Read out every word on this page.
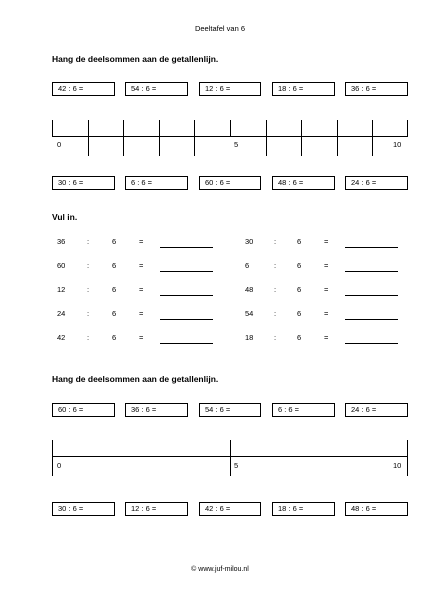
Deeltafel van 6
Hang de deelsommen aan de getallenlijn.
42 : 6 =	54 : 6 =	12 : 6 =	18 : 6 =	36 : 6 =
0	5	10
30 : 6 =	6 : 6 =	60 : 6 =	48 : 6 =	24 : 6 =
Vul in.
36	:	6	=
60	:	6	=
12	:	6	=
24	:	6	=
42	:	6	=
30	:	6	=
6	:	6	=
48	:	6	=
54	:	6	=
18	:	6	=
Hang de deelsommen aan de getallenlijn.
60 : 6 =	36 : 6 =	54 : 6 =	6 : 6 =	24 : 6 =
0	5	10
30 : 6 =	12 : 6 =	42 : 6 =	18 : 6 =	48 : 6 =
© www.juf-milou.nl
